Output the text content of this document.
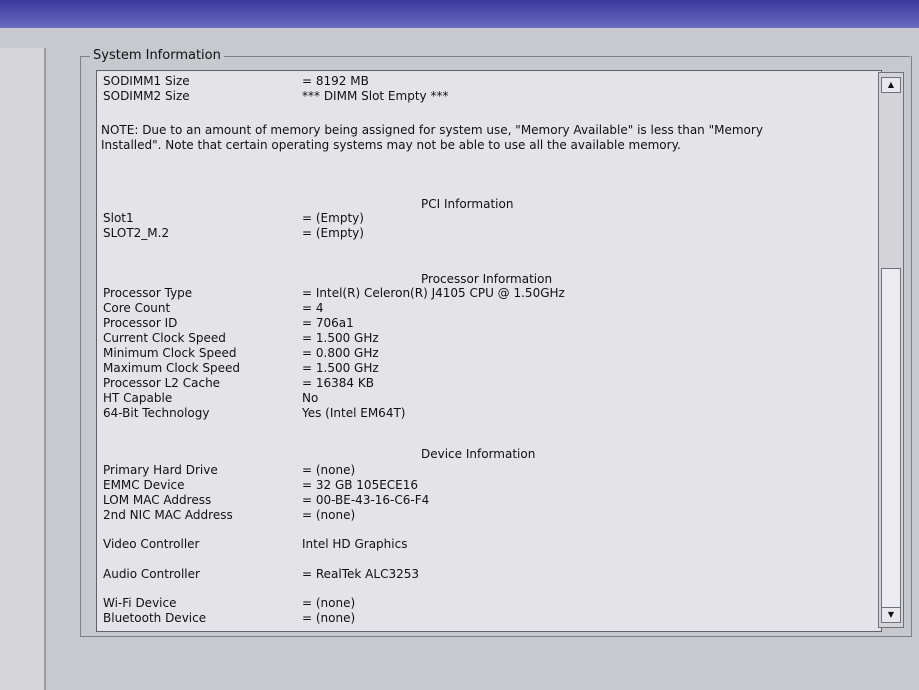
System Information
SODIMM1 Size	= 8192 MB
SODIMM2 Size	*** DIMM Slot Empty ***
NOTE: Due to an amount of memory being assigned for system use, "Memory Available" is less than "Memory Installed". Note that certain operating systems may not be able to use all the available memory.
PCI Information
Slot1	= (Empty)
SLOT2_M.2	= (Empty)
Processor Information
Processor Type	= Intel(R) Celeron(R) J4105 CPU @ 1.50GHz
Core Count	= 4
Processor ID	= 706a1
Current Clock Speed	= 1.500 GHz
Minimum Clock Speed	= 0.800 GHz
Maximum Clock Speed	= 1.500 GHz
Processor L2 Cache	= 16384 KB
HT Capable	No
64-Bit Technology	Yes (Intel EM64T)
Device Information
Primary Hard Drive	= (none)
EMMC Device	= 32 GB 105ECE16
LOM MAC Address	= 00-BE-43-16-C6-F4
2nd NIC MAC Address	= (none)
Video Controller	Intel HD Graphics
Audio Controller	= RealTek ALC3253
Wi-Fi Device	= (none)
Bluetooth Device	= (none)
▲
▼
